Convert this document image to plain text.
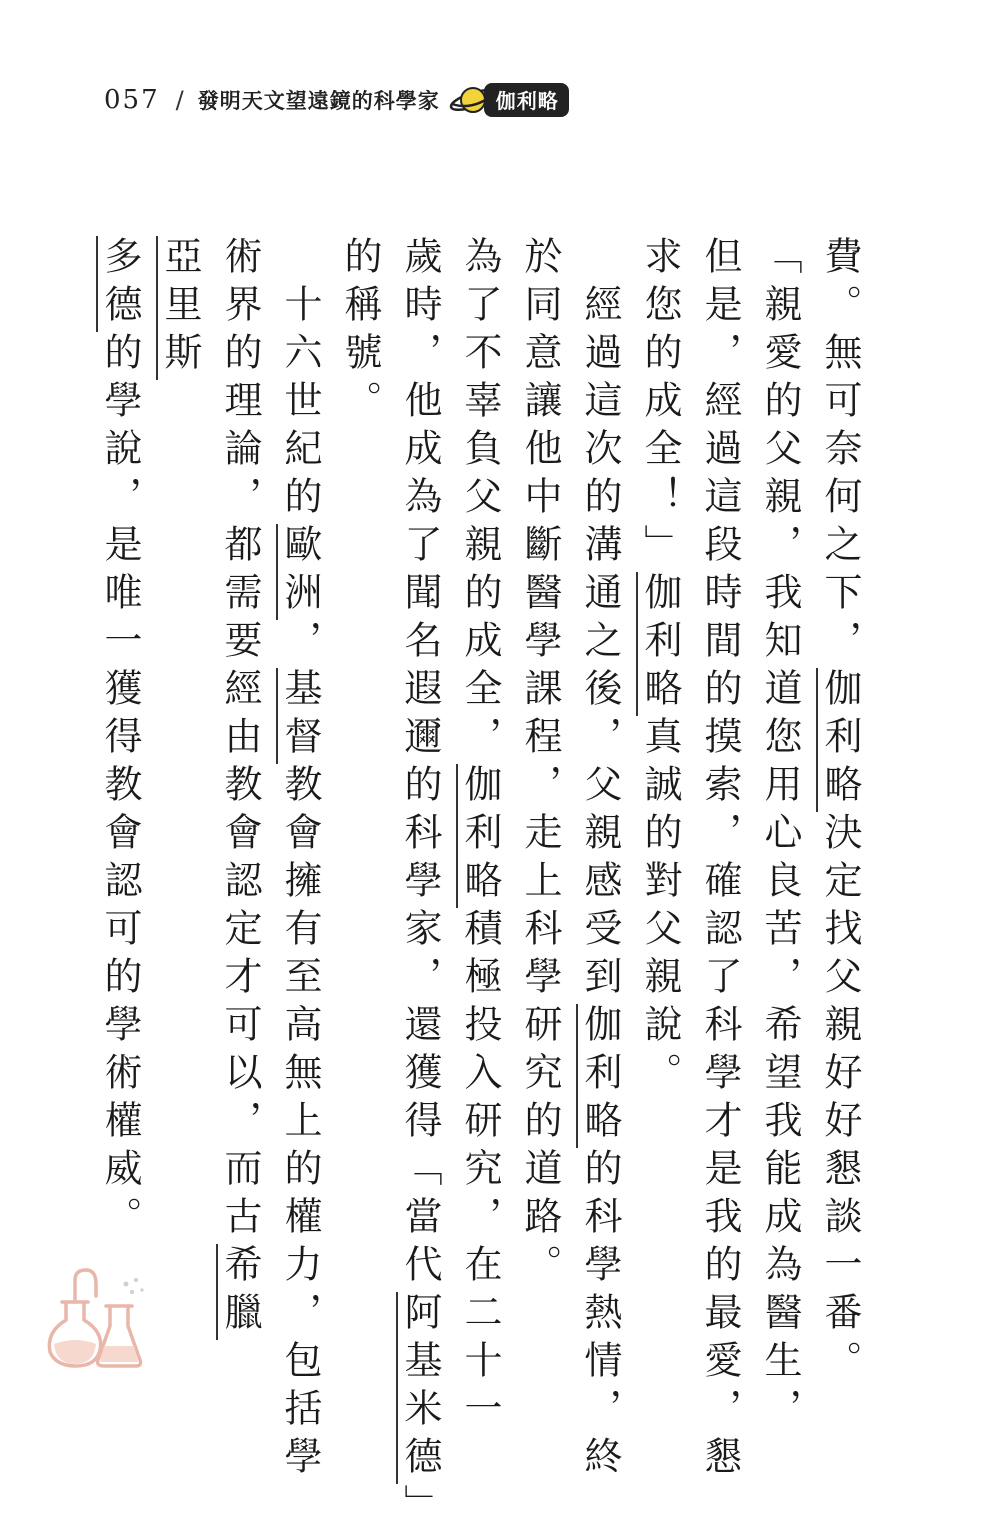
057 / 發明天文望遠鏡的科學家	伽利略
費。無可奈何之下，伽利略決定找父親好好懇談一番。
「親愛的父親，我知道您用心良苦，希望我能成為醫生，
但是，經過這段時間的摸索，確認了科學才是我的最愛，懇
求您的成全！」伽利略真誠的對父親說。
　經過這次的溝通之後，父親感受到伽利略的科學熱情，終
於同意讓他中斷醫學課程，走上科學研究的道路。
為了不辜負父親的成全，伽利略積極投入研究，在二十一
歲時，他成為了聞名遐邇的科學家，還獲得「當代阿基米德」
的稱號。
　十六世紀的歐洲，基督教會擁有至高無上的權力，包括學
術界的理論，都需要經由教會認定才可以，而古希臘
亞里斯
多德的學說，是唯一獲得教會認可的學術權威。
